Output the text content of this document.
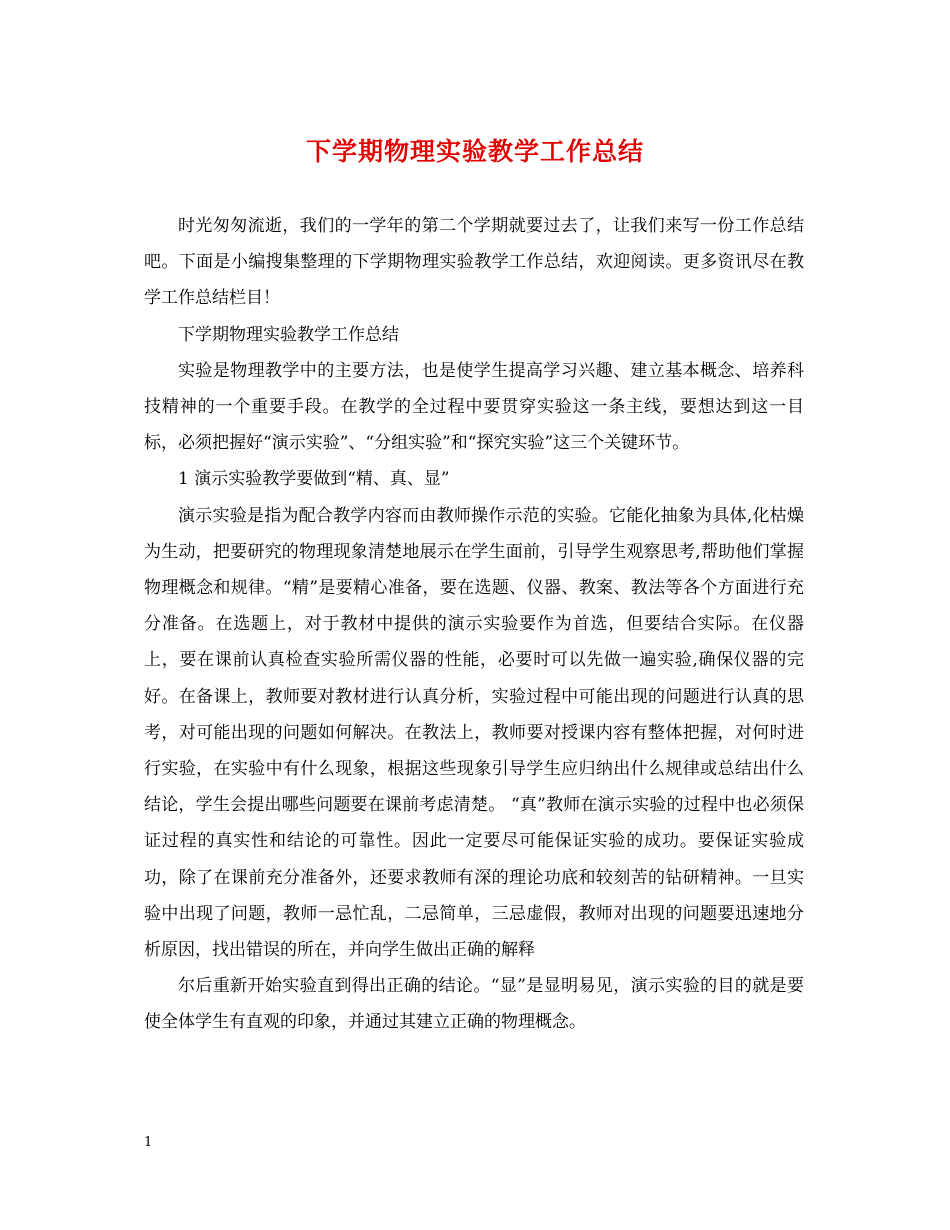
下学期物理实验教学工作总结

时光匆匆流逝，我们的一学年的第二个学期就要过去了，让我们来写一份工作总结吧。下面是小编搜集整理的下学期物理实验教学工作总结，欢迎阅读。更多资讯尽在教学工作总结栏目！

下学期物理实验教学工作总结

实验是物理教学中的主要方法，也是使学生提高学习兴趣、建立基本概念、培养科技精神的一个重要手段。在教学的全过程中要贯穿实验这一条主线，要想达到这一目标，必须把握好“演示实验”、“分组实验”和“探究实验”这三个关键环节。

1 演示实验教学要做到“精、真、显”

演示实验是指为配合教学内容而由教师操作示范的实验。它能化抽象为具体,化枯燥为生动，把要研究的物理现象清楚地展示在学生面前，引导学生观察思考,帮助他们掌握物理概念和规律。“精”是要精心准备，要在选题、仪器、教案、教法等各个方面进行充分准备。在选题上，对于教材中提供的演示实验要作为首选，但要结合实际。在仪器上，要在课前认真检查实验所需仪器的性能，必要时可以先做一遍实验,确保仪器的完好。在备课上，教师要对教材进行认真分析，实验过程中可能出现的问题进行认真的思考，对可能出现的问题如何解决。在教法上，教师要对授课内容有整体把握，对何时进行实验，在实验中有什么现象，根据这些现象引导学生应归纳出什么规律或总结出什么结论，学生会提出哪些问题要在课前考虑清楚。 “真”教师在演示实验的过程中也必须保证过程的真实性和结论的可靠性。因此一定要尽可能保证实验的成功。要保证实验成功，除了在课前充分准备外，还要求教师有深的理论功底和较刻苦的钻研精神。一旦实验中出现了问题，教师一忌忙乱，二忌简单，三忌虚假，教师对出现的问题要迅速地分析原因，找出错误的所在，并向学生做出正确的解释

尔后重新开始实验直到得出正确的结论。“显”是显明易见，演示实验的目的就是要使全体学生有直观的印象，并通过其建立正确的物理概念。

1
